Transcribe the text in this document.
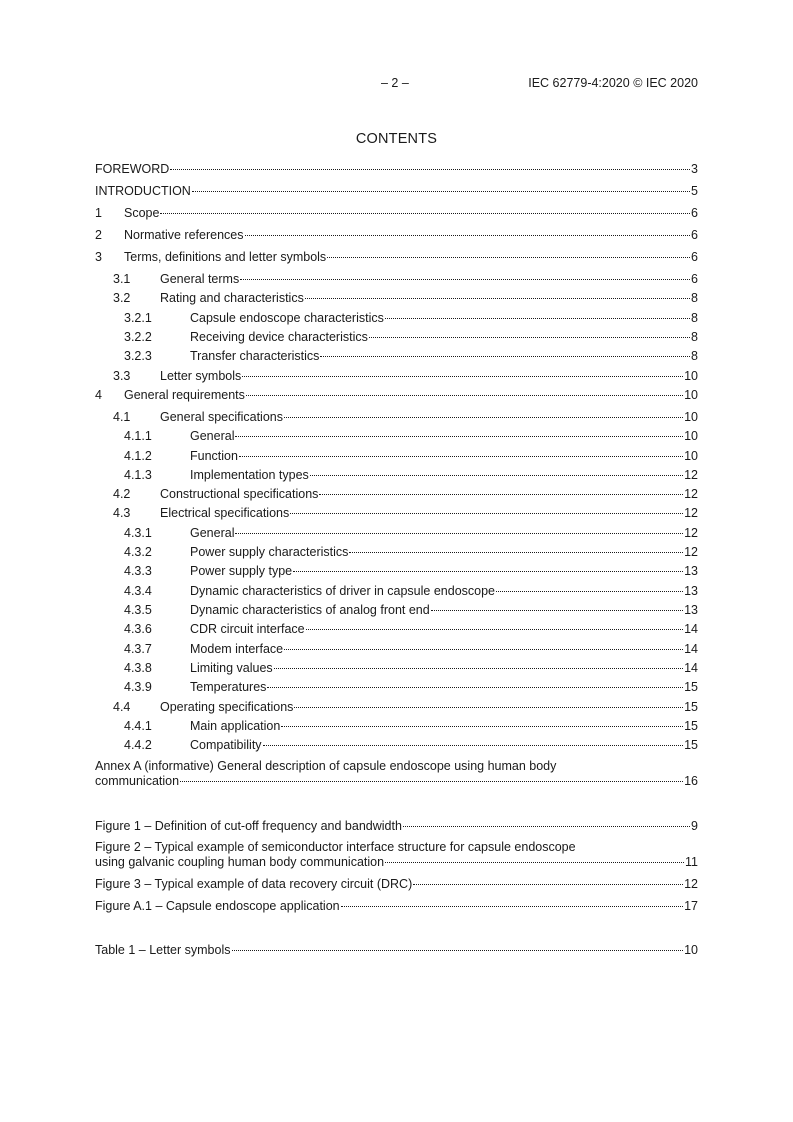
– 2 –	IEC 62779-4:2020 © IEC 2020
CONTENTS
FOREWORD	3
INTRODUCTION	5
1	Scope	6
2	Normative references	6
3	Terms, definitions and letter symbols	6
3.1	General terms	6
3.2	Rating and characteristics	8
3.2.1	Capsule endoscope characteristics	8
3.2.2	Receiving device characteristics	8
3.2.3	Transfer characteristics	8
3.3	Letter symbols	10
4	General requirements	10
4.1	General specifications	10
4.1.1	General	10
4.1.2	Function	10
4.1.3	Implementation types	12
4.2	Constructional specifications	12
4.3	Electrical specifications	12
4.3.1	General	12
4.3.2	Power supply characteristics	12
4.3.3	Power supply type	13
4.3.4	Dynamic characteristics of driver in capsule endoscope	13
4.3.5	Dynamic characteristics of analog front end	13
4.3.6	CDR circuit interface	14
4.3.7	Modem interface	14
4.3.8	Limiting values	14
4.3.9	Temperatures	15
4.4	Operating specifications	15
4.4.1	Main application	15
4.4.2	Compatibility	15
Annex A (informative) General description of capsule endoscope using human body
communication	16
Figure 1 – Definition of cut-off frequency and bandwidth	9
Figure 2 – Typical example of semiconductor interface structure for capsule endoscope
using galvanic coupling human body communication	11
Figure 3 – Typical example of data recovery circuit (DRC)	12
Figure A.1 – Capsule endoscope application	17
Table 1 – Letter symbols	10
